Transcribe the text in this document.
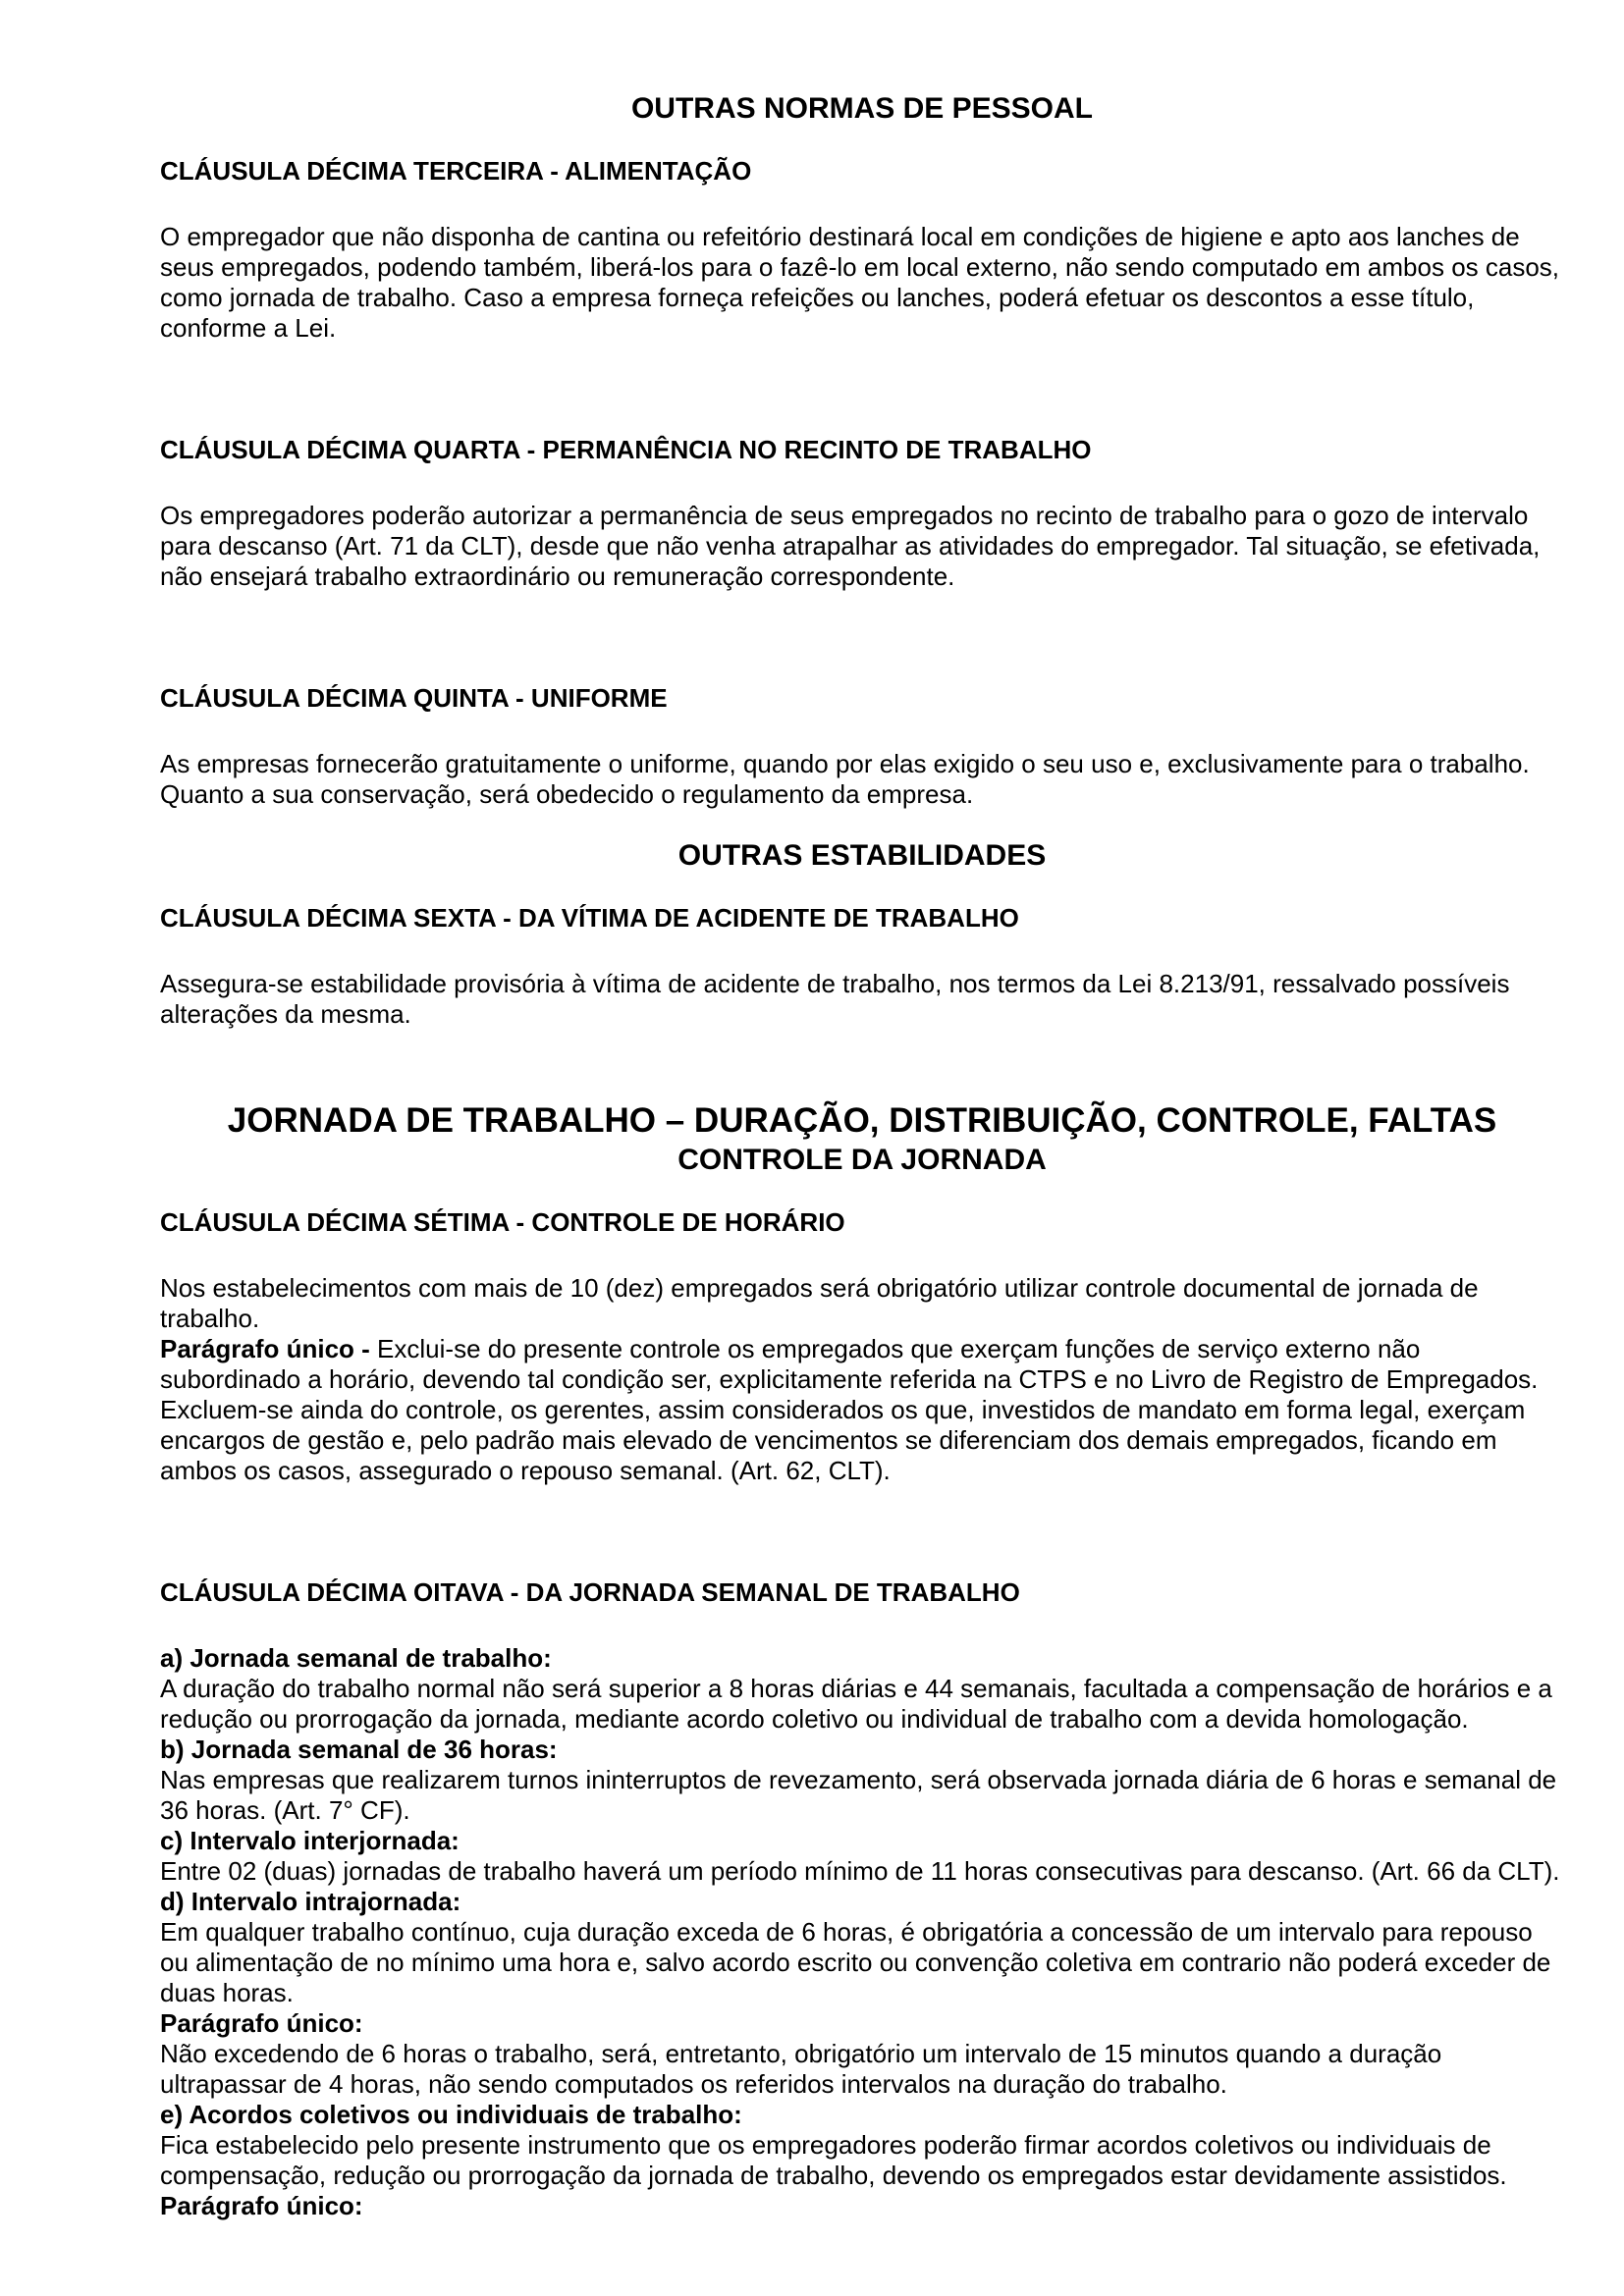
OUTRAS NORMAS DE PESSOAL
CLÁUSULA DÉCIMA TERCEIRA - ALIMENTAÇÃO

O empregador que não disponha de cantina ou refeitório destinará local em condições de higiene e apto aos lanches de seus empregados, podendo também, liberá-los para o fazê-lo em local externo, não sendo computado em ambos os casos, como jornada de trabalho. Caso a empresa forneça refeições ou lanches, poderá efetuar os descontos a esse título, conforme a Lei.

CLÁUSULA DÉCIMA QUARTA - PERMANÊNCIA NO RECINTO DE TRABALHO

Os empregadores poderão autorizar a permanência de seus empregados no recinto de trabalho para o gozo de intervalo para descanso (Art. 71 da CLT), desde que não venha atrapalhar as atividades do empregador. Tal situação, se efetivada, não ensejará trabalho extraordinário ou remuneração correspondente.

CLÁUSULA DÉCIMA QUINTA - UNIFORME

As empresas fornecerão gratuitamente o uniforme, quando por elas exigido o seu uso e, exclusivamente para o trabalho. Quanto a sua conservação, será obedecido o regulamento da empresa.

OUTRAS ESTABILIDADES
CLÁUSULA DÉCIMA SEXTA - DA VÍTIMA DE ACIDENTE DE TRABALHO

Assegura-se estabilidade provisória à vítima de acidente de trabalho, nos termos da Lei 8.213/91, ressalvado possíveis alterações da mesma.

JORNADA DE TRABALHO – DURAÇÃO, DISTRIBUIÇÃO, CONTROLE, FALTAS
CONTROLE DA JORNADA
CLÁUSULA DÉCIMA SÉTIMA - CONTROLE DE HORÁRIO

Nos estabelecimentos com mais de 10 (dez) empregados será obrigatório utilizar controle documental de jornada de trabalho.

Parágrafo único - Exclui-se do presente controle os empregados que exerçam funções de serviço externo não subordinado a horário, devendo tal condição ser, explicitamente referida na CTPS e no Livro de Registro de Empregados. Excluem-se ainda do controle, os gerentes, assim considerados os que, investidos de mandato em forma legal, exerçam encargos de gestão e, pelo padrão mais elevado de vencimentos se diferenciam dos demais empregados, ficando em ambos os casos, assegurado o repouso semanal. (Art. 62, CLT).

CLÁUSULA DÉCIMA OITAVA - DA JORNADA SEMANAL DE TRABALHO

a) Jornada semanal de trabalho:

A duração do trabalho normal não será superior a 8 horas diárias e 44 semanais, facultada a compensação de horários e a redução ou prorrogação da jornada, mediante acordo coletivo ou individual de trabalho com a devida homologação.

b) Jornada semanal de 36 horas:

Nas empresas que realizarem turnos ininterruptos de revezamento, será observada jornada diária de 6 horas e semanal de 36 horas. (Art. 7° CF).

c) Intervalo interjornada:

Entre 02 (duas) jornadas de trabalho haverá um período mínimo de 11 horas consecutivas para descanso. (Art. 66 da CLT).

d) Intervalo intrajornada:

Em qualquer trabalho contínuo, cuja duração exceda de 6 horas, é obrigatória a concessão de um intervalo para repouso ou alimentação de no mínimo uma hora e, salvo acordo escrito ou convenção coletiva em contrario não poderá exceder de duas horas.

Parágrafo único:

Não excedendo de 6 horas o trabalho, será, entretanto, obrigatório um intervalo de 15 minutos quando a duração ultrapassar de 4 horas, não sendo computados os referidos intervalos na duração do trabalho.

e) Acordos coletivos ou individuais de trabalho:

Fica estabelecido pelo presente instrumento que os empregadores poderão firmar acordos coletivos ou individuais de compensação, redução ou prorrogação da jornada de trabalho, devendo os empregados estar devidamente assistidos.

Parágrafo único:
